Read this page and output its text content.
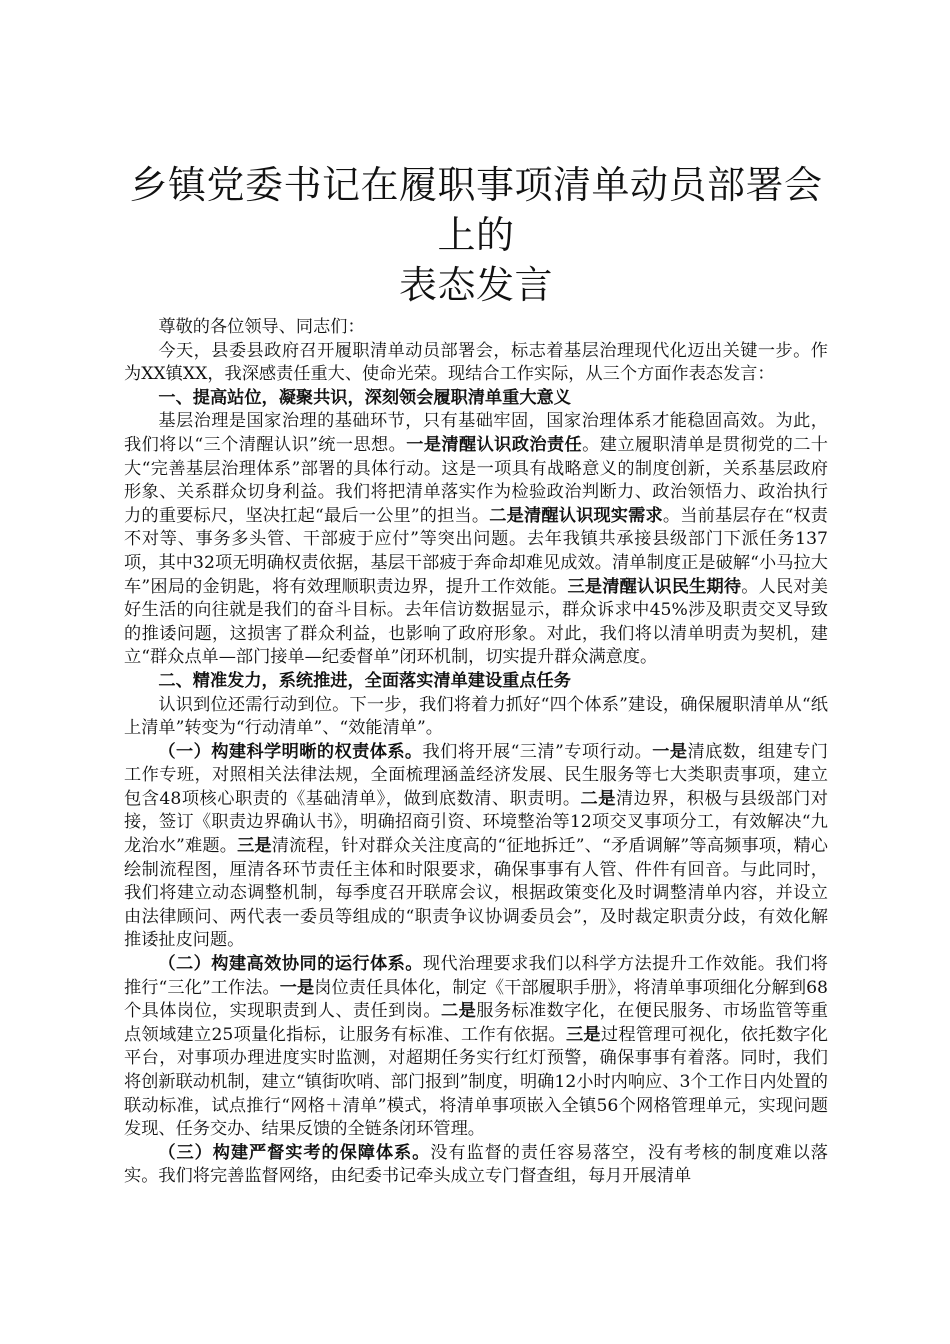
乡镇党委书记在履职事项清单动员部署会上的
表态发言

尊敬的各位领导、同志们：

今天，县委县政府召开履职清单动员部署会，标志着基层治理现代化迈出关键一步。作为XX镇XX，我深感责任重大、使命光荣。现结合工作实际，从三个方面作表态发言：

一、提高站位，凝聚共识，深刻领会履职清单重大意义

基层治理是国家治理的基础环节，只有基础牢固，国家治理体系才能稳固高效。为此，我们将以“三个清醒认识”统一思想。一是清醒认识政治责任。建立履职清单是贯彻党的二十大“完善基层治理体系”部署的具体行动。这是一项具有战略意义的制度创新，关系基层政府形象、关系群众切身利益。我们将把清单落实作为检验政治判断力、政治领悟力、政治执行力的重要标尺，坚决扛起“最后一公里”的担当。二是清醒认识现实需求。当前基层存在“权责不对等、事务多头管、干部疲于应付”等突出问题。去年我镇共承接县级部门下派任务137项，其中32项无明确权责依据，基层干部疲于奔命却难见成效。清单制度正是破解“小马拉大车”困局的金钥匙，将有效理顺职责边界，提升工作效能。三是清醒认识民生期待。人民对美好生活的向往就是我们的奋斗目标。去年信访数据显示，群众诉求中45%涉及职责交叉导致的推诿问题，这损害了群众利益，也影响了政府形象。对此，我们将以清单明责为契机，建立“群众点单—部门接单—纪委督单”闭环机制，切实提升群众满意度。

二、精准发力，系统推进，全面落实清单建设重点任务

认识到位还需行动到位。下一步，我们将着力抓好“四个体系”建设，确保履职清单从“纸上清单”转变为“行动清单”、“效能清单”。

（一）构建科学明晰的权责体系。我们将开展“三清”专项行动。一是清底数，组建专门工作专班，对照相关法律法规，全面梳理涵盖经济发展、民生服务等七大类职责事项，建立包含48项核心职责的《基础清单》，做到底数清、职责明。二是清边界，积极与县级部门对接，签订《职责边界确认书》，明确招商引资、环境整治等12项交叉事项分工，有效解决“九龙治水”难题。三是清流程，针对群众关注度高的“征地拆迁”、“矛盾调解”等高频事项，精心绘制流程图，厘清各环节责任主体和时限要求，确保事事有人管、件件有回音。与此同时，我们将建立动态调整机制，每季度召开联席会议，根据政策变化及时调整清单内容，并设立由法律顾问、两代表一委员等组成的“职责争议协调委员会”，及时裁定职责分歧，有效化解推诿扯皮问题。

（二）构建高效协同的运行体系。现代治理要求我们以科学方法提升工作效能。我们将推行“三化”工作法。一是岗位责任具体化，制定《干部履职手册》，将清单事项细化分解到68个具体岗位，实现职责到人、责任到岗。二是服务标准数字化，在便民服务、市场监管等重点领域建立25项量化指标，让服务有标准、工作有依据。三是过程管理可视化，依托数字化平台，对事项办理进度实时监测，对超期任务实行红灯预警，确保事事有着落。同时，我们将创新联动机制，建立“镇街吹哨、部门报到”制度，明确12小时内响应、3个工作日内处置的联动标准，试点推行“网格＋清单”模式，将清单事项嵌入全镇56个网格管理单元，实现问题发现、任务交办、结果反馈的全链条闭环管理。

（三）构建严督实考的保障体系。没有监督的责任容易落空，没有考核的制度难以落实。我们将完善监督网络，由纪委书记牵头成立专门督查组，每月开展清单
